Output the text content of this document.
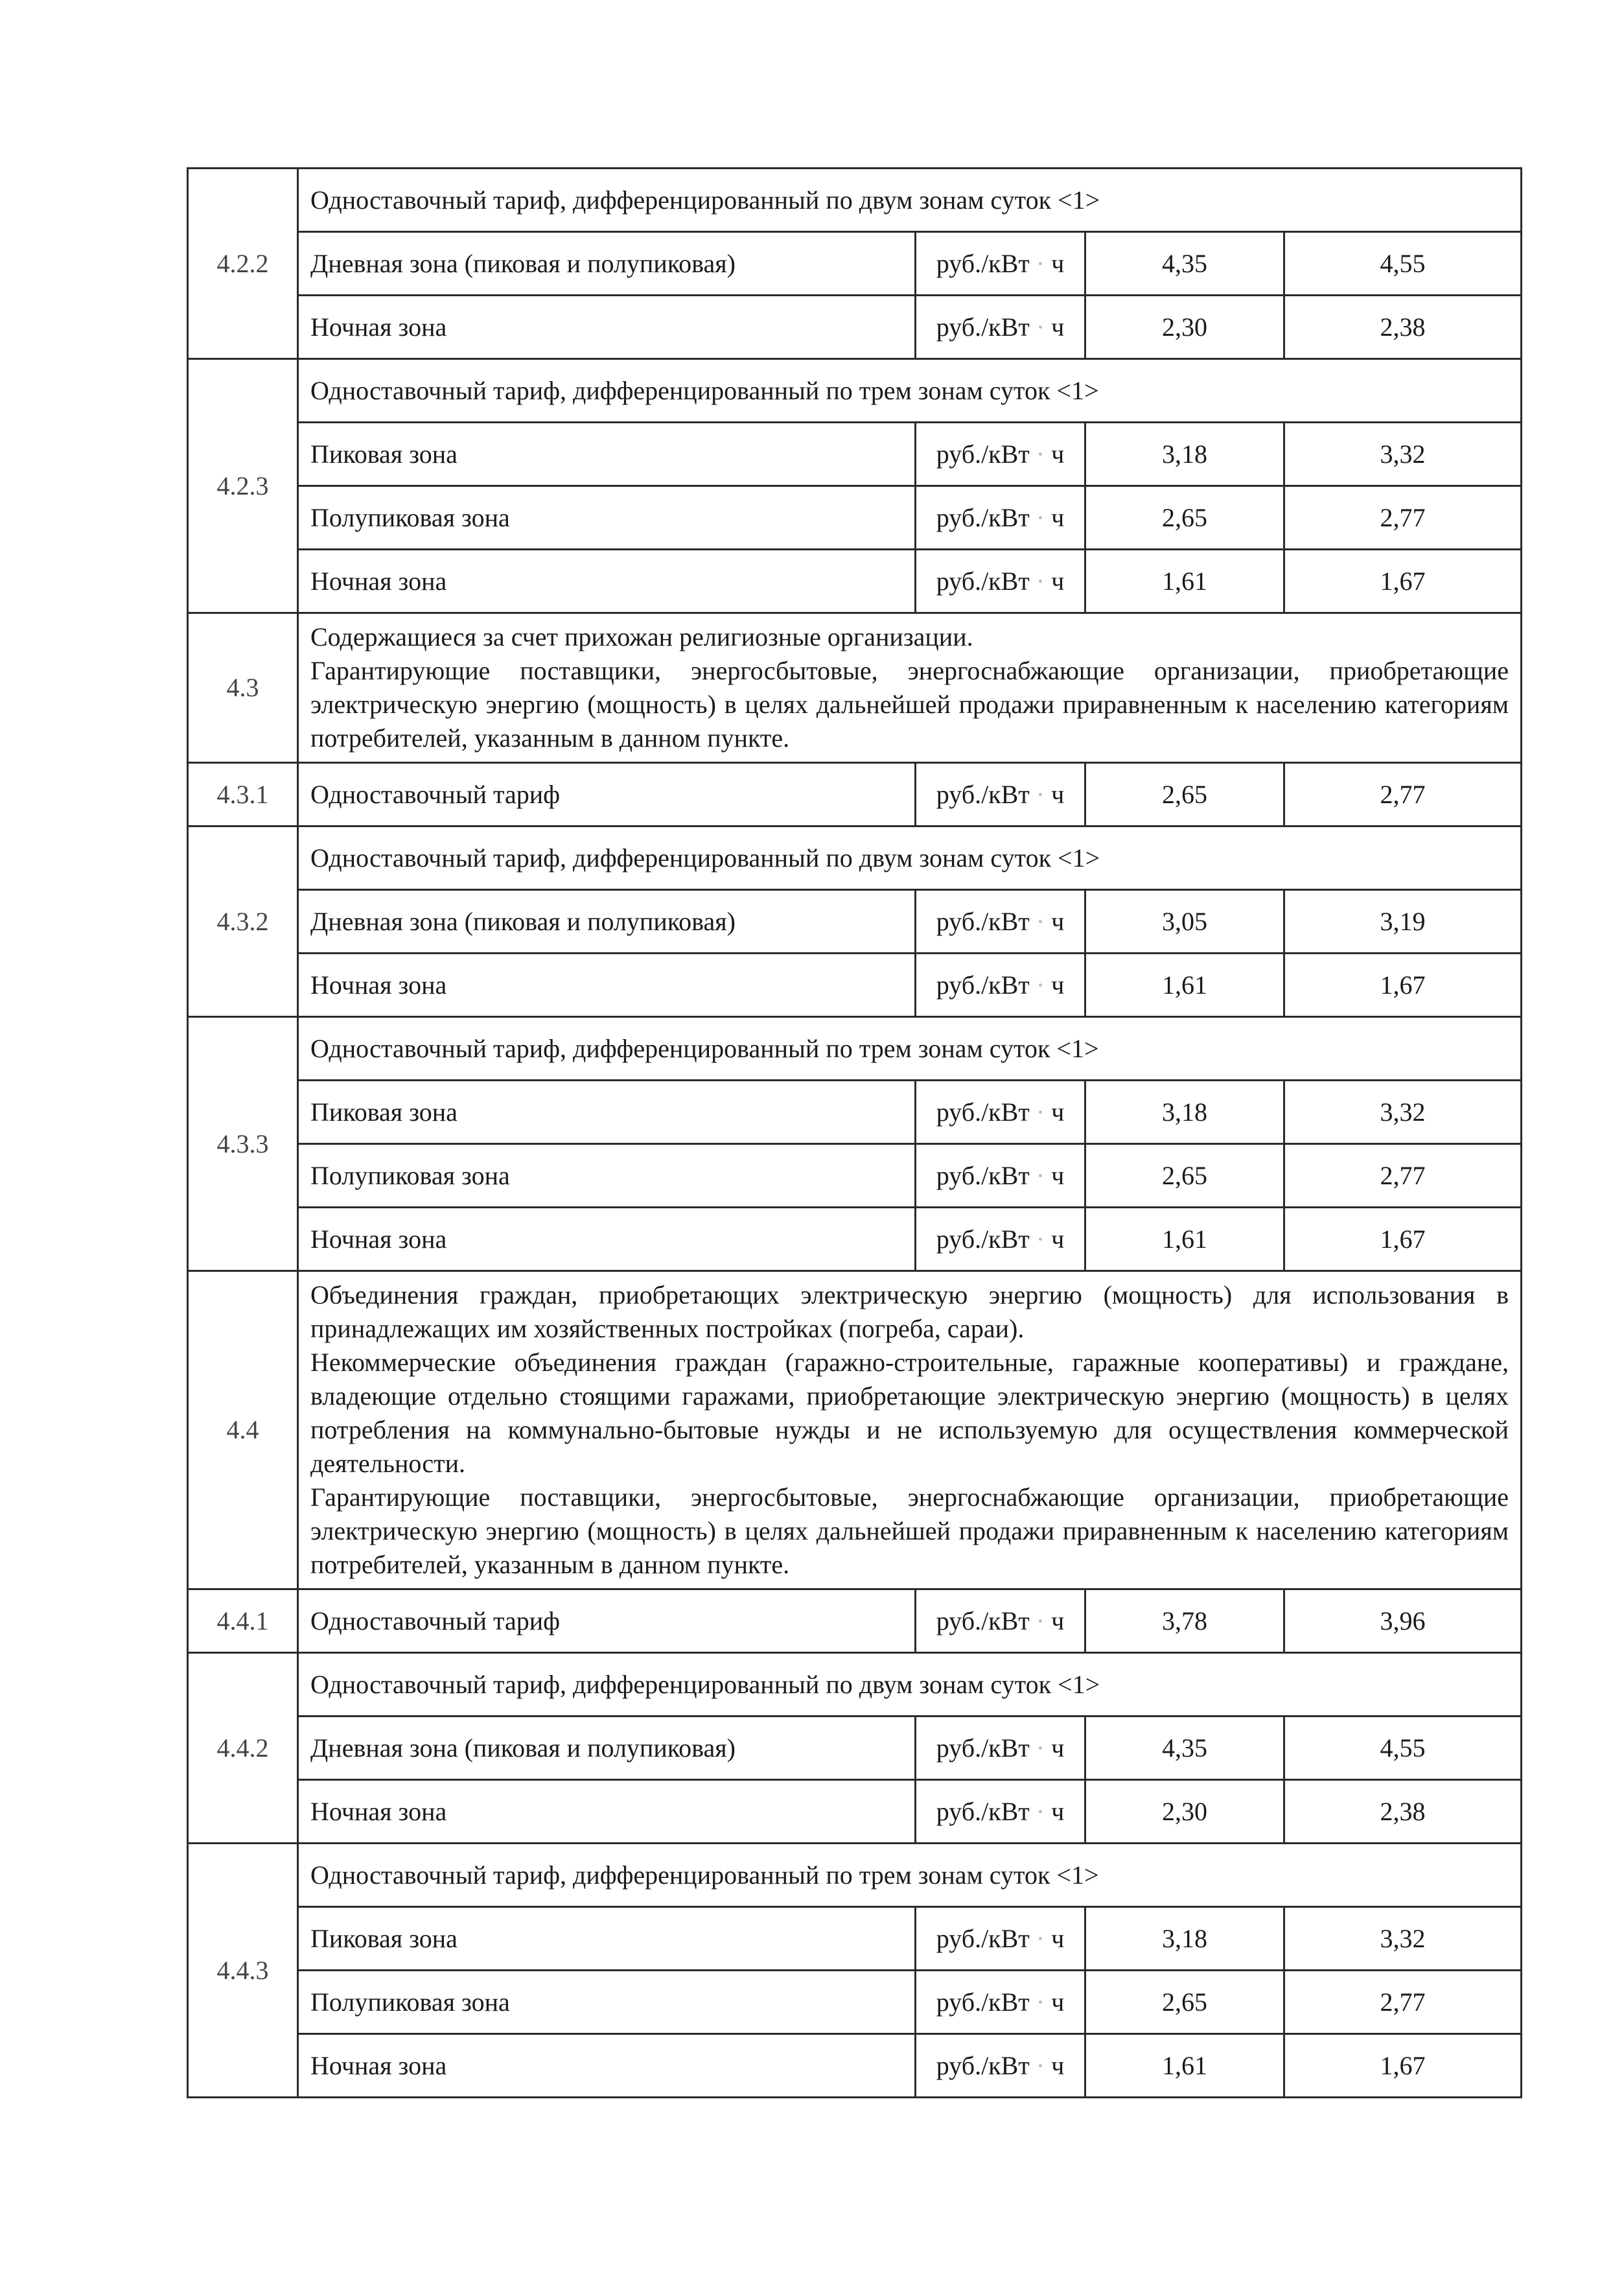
4.2.2	Одноставочный тариф, дифференцированный по двум зонам суток <1>			
	Дневная зона (пиковая и полупиковая)	руб./кВт · ч	4,35	4,55
	Ночная зона	руб./кВт · ч	2,30	2,38
4.2.3	Одноставочный тариф, дифференцированный по трем зонам суток <1>			
	Пиковая зона	руб./кВт · ч	3,18	3,32
	Полупиковая зона	руб./кВт · ч	2,65	2,77
	Ночная зона	руб./кВт · ч	1,61	1,67
4.3	Содержащиеся за счет прихожан религиозные организации.
Гарантирующие поставщики, энергосбытовые, энергоснабжающие организации, приобретающие электрическую энергию (мощность) в целях дальнейшей продажи приравненным к населению категориям потребителей, указанным в данном пункте.			

4.3.1	Одноставочный тариф	руб./кВт · ч	2,65	2,77
4.3.2	Одноставочный тариф, дифференцированный по двум зонам суток <1>			
	Дневная зона (пиковая и полупиковая)	руб./кВт · ч	3,05	3,19
	Ночная зона	руб./кВт · ч	1,61	1,67
4.3.3	Одноставочный тариф, дифференцированный по трем зонам суток <1>			
	Пиковая зона	руб./кВт · ч	3,18	3,32
	Полупиковая зона	руб./кВт · ч	2,65	2,77
	Ночная зона	руб./кВт · ч	1,61	1,67
4.4	Объединения граждан, приобретающих электрическую энергию (мощность) для использования в принадлежащих им хозяйственных постройках (погреба, сараи).
Некоммерческие объединения граждан (гаражно-строительные, гаражные кооперативы) и граждане, владеющие отдельно стоящими гаражами, приобретающие электрическую энергию (мощность) в целях потребления на коммунально-бытовые нужды и не используемую для осуществления коммерческой деятельности.
Гарантирующие поставщики, энергосбытовые, энергоснабжающие организации, приобретающие электрическую энергию (мощность) в целях дальнейшей продажи приравненным к населению категориям потребителей, указанным в данном пункте.			

4.4.1	Одноставочный тариф	руб./кВт · ч	3,78	3,96
4.4.2	Одноставочный тариф, дифференцированный по двум зонам суток <1>			
	Дневная зона (пиковая и полупиковая)	руб./кВт · ч	4,35	4,55
	Ночная зона	руб./кВт · ч	2,30	2,38
4.4.3	Одноставочный тариф, дифференцированный по трем зонам суток <1>			
	Пиковая зона	руб./кВт · ч	3,18	3,32
	Полупиковая зона	руб./кВт · ч	2,65	2,77
	Ночная зона	руб./кВт · ч	1,61	1,67
